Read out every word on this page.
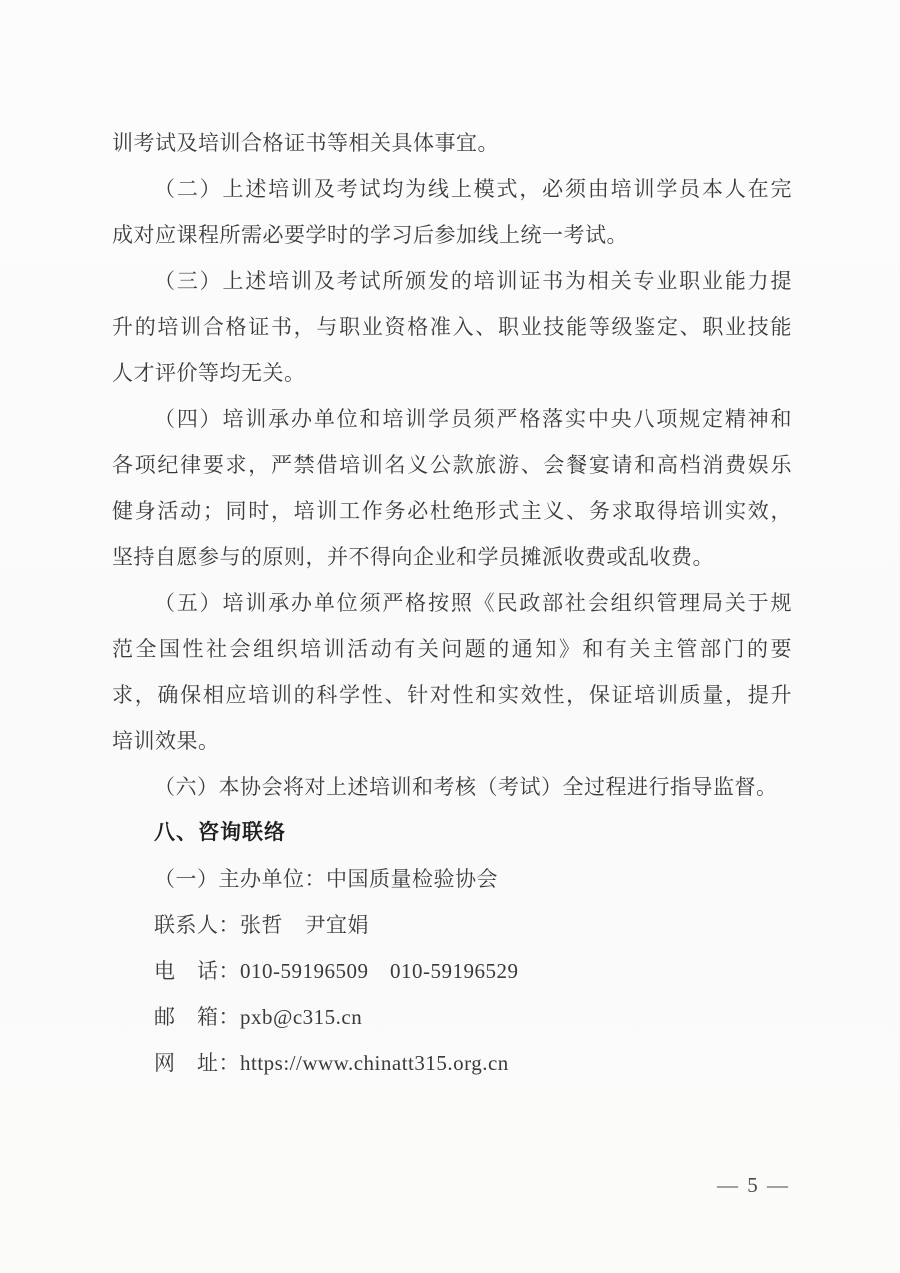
训考试及培训合格证书等相关具体事宜。
（二）上述培训及考试均为线上模式，必须由培训学员本人在完
成对应课程所需必要学时的学习后参加线上统一考试。
（三）上述培训及考试所颁发的培训证书为相关专业职业能力提
升的培训合格证书，与职业资格准入、职业技能等级鉴定、职业技能
人才评价等均无关。
（四）培训承办单位和培训学员须严格落实中央八项规定精神和
各项纪律要求，严禁借培训名义公款旅游、会餐宴请和高档消费娱乐
健身活动；同时，培训工作务必杜绝形式主义、务求取得培训实效，
坚持自愿参与的原则，并不得向企业和学员摊派收费或乱收费。
（五）培训承办单位须严格按照《民政部社会组织管理局关于规
范全国性社会组织培训活动有关问题的通知》和有关主管部门的要
求，确保相应培训的科学性、针对性和实效性，保证培训质量，提升
培训效果。
（六）本协会将对上述培训和考核（考试）全过程进行指导监督。
八、咨询联络
（一）主办单位：中国质量检验协会
联系人：张哲　尹宜娟
电　话：010-59196509　010-59196529
邮　箱：pxb@c315.cn
网　址：https://www.chinatt315.org.cn
— 5 —
